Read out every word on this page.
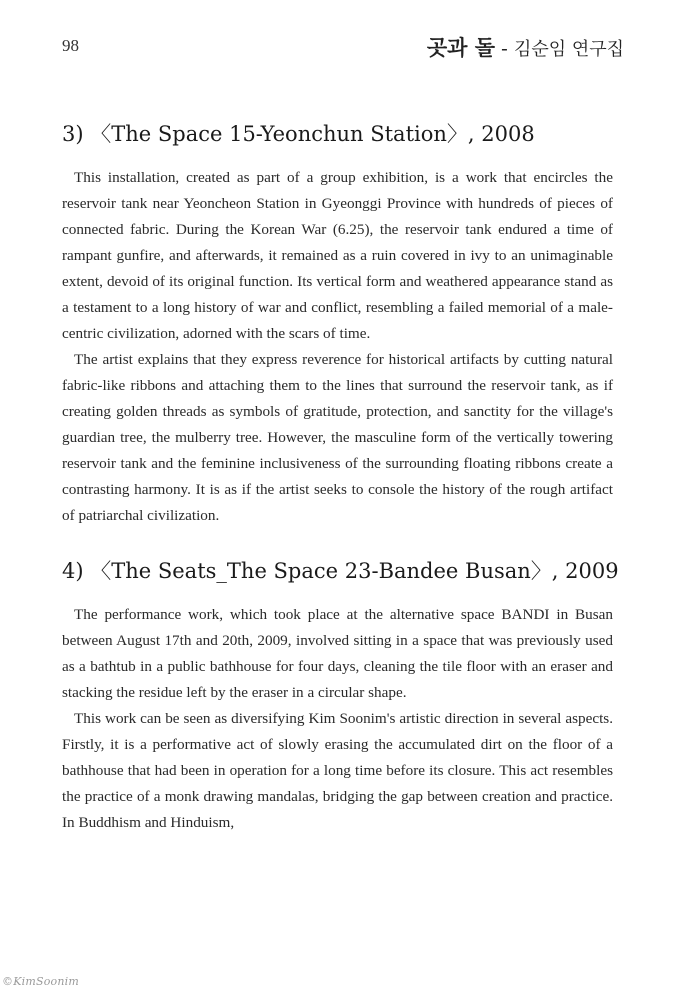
98	곳과 돌 - 김순임 연구집
3) 〈The Space 15-Yeonchun Station〉, 2008

This installation, created as part of a group exhibition, is a work that encircles the reservoir tank near Yeoncheon Station in Gyeonggi Province with hundreds of pieces of connected fabric. During the Korean War (6.25), the reservoir tank endured a time of rampant gunfire, and afterwards, it remained as a ruin covered in ivy to an unimaginable extent, devoid of its original function. Its vertical form and weathered appearance stand as a testament to a long history of war and conflict, resembling a failed memorial of a male-centric civilization, adorned with the scars of time.

The artist explains that they express reverence for historical artifacts by cutting natural fabric-like ribbons and attaching them to the lines that surround the reservoir tank, as if creating golden threads as symbols of gratitude, protection, and sanctity for the village's guardian tree, the mulberry tree. However, the masculine form of the vertically towering reservoir tank and the feminine inclusiveness of the surrounding floating ribbons create a contrasting harmony. It is as if the artist seeks to console the history of the rough artifact of patriarchal civilization.

4) 〈The Seats_The Space 23-Bandee Busan〉, 2009

The performance work, which took place at the alternative space BANDI in Busan between August 17th and 20th, 2009, involved sitting in a space that was previously used as a bathtub in a public bathhouse for four days, cleaning the tile floor with an eraser and stacking the residue left by the eraser in a circular shape.

This work can be seen as diversifying Kim Soonim's artistic direction in several aspects. Firstly, it is a performative act of slowly erasing the accumulated dirt on the floor of a bathhouse that had been in operation for a long time before its closure. This act resembles the practice of a monk drawing mandalas, bridging the gap between creation and practice. In Buddhism and Hinduism,

©KimSoonim
